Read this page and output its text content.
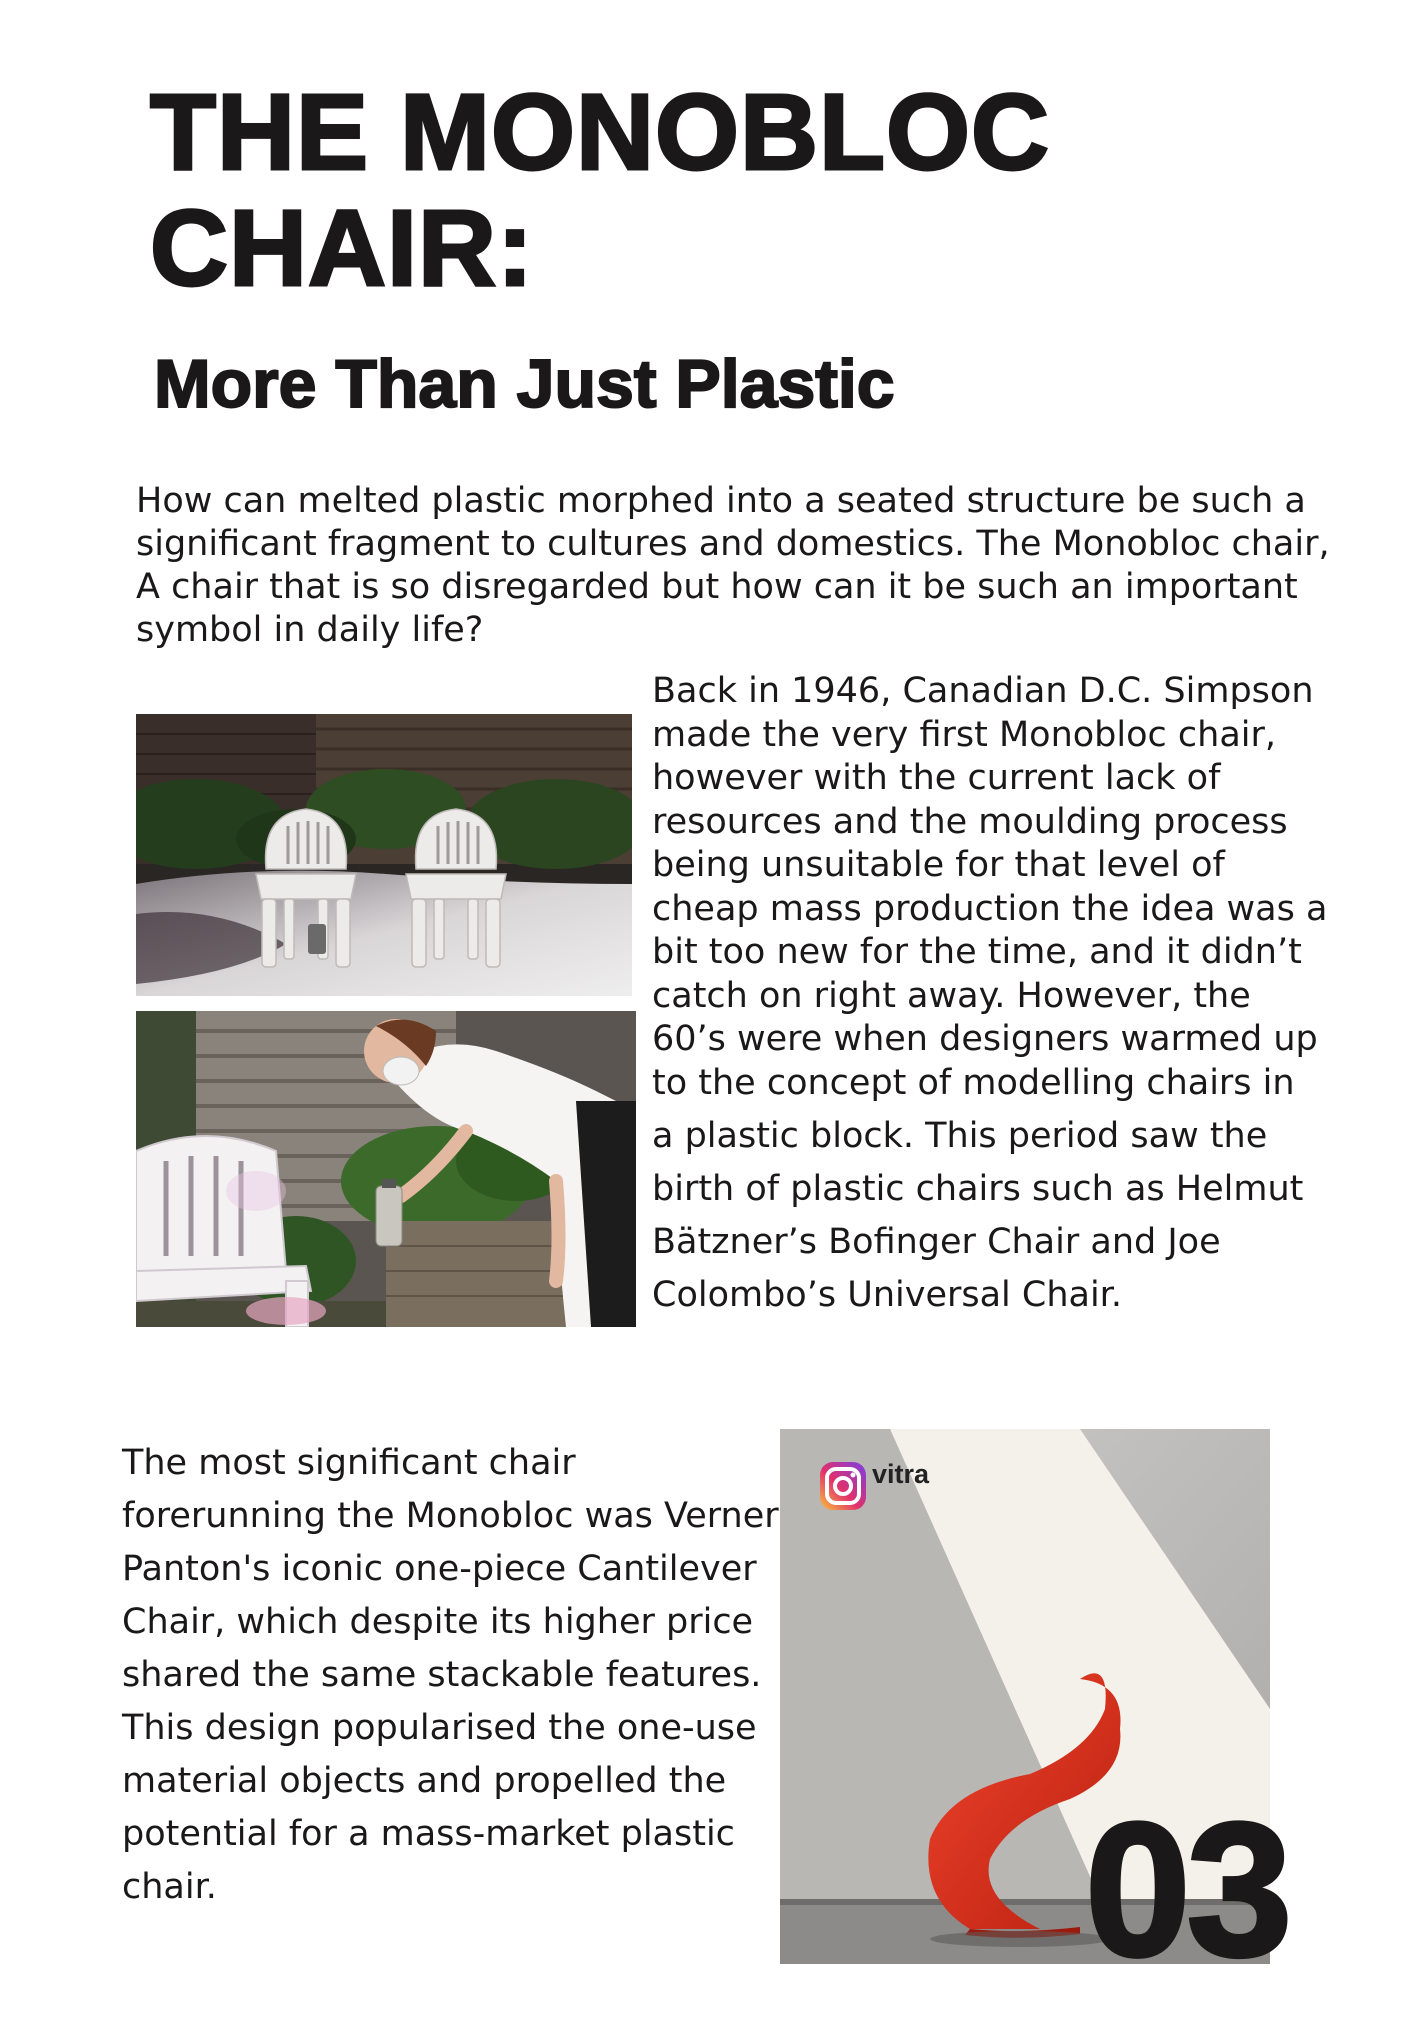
THE MONOBLOC
CHAIR:
More Than Just Plastic

How can melted plastic morphed into a seated structure be such a significant fragment to cultures and domestics. The Monobloc chair, A chair that is so disregarded but how can it be such an important symbol in daily life?

Back in 1946, Canadian D.C. Simpson made the very first Monobloc chair, however with the current lack of resources and the moulding process being unsuitable for that level of cheap mass production the idea was a bit too new for the time, and it didn’t catch on right away. However, the 60’s were when designers warmed up to the concept of modelling chairs in
a plastic block. This period saw the birth of plastic chairs such as Helmut Bätzner’s Bofinger Chair and Joe Colombo’s Universal Chair.

The most significant chair forerunning the Monobloc was Verner Panton's iconic one-piece Cantilever Chair, which despite its higher price shared the same stackable features. This design popularised the one-use material objects and propelled the potential for a mass-market plastic chair.

vitra
03
